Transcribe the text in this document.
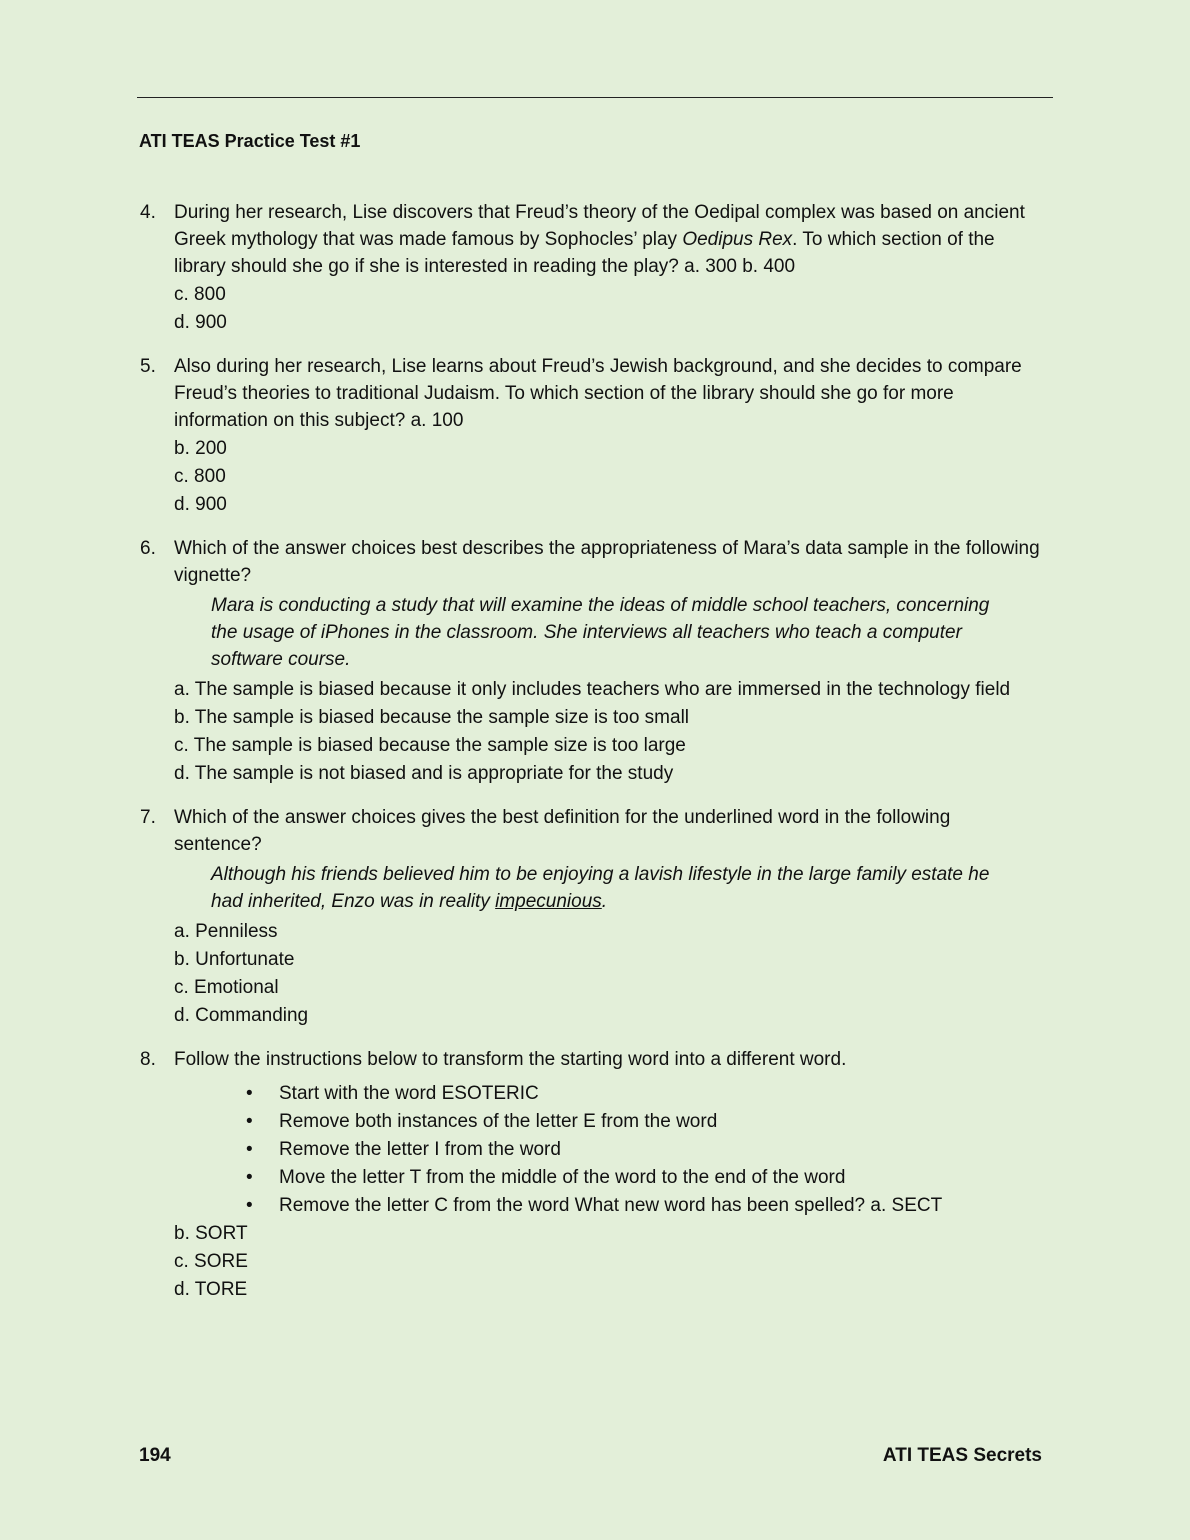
ATI TEAS Practice Test #1
4. During her research, Lise discovers that Freud’s theory of the Oedipal complex was based on ancient Greek mythology that was made famous by Sophocles’ play Oedipus Rex. To which section of the library should she go if she is interested in reading the play? a. 300 b. 400
c. 800
d. 900
5. Also during her research, Lise learns about Freud’s Jewish background, and she decides to compare Freud’s theories to traditional Judaism. To which section of the library should she go for more information on this subject? a. 100
b. 200
c. 800
d. 900
6. Which of the answer choices best describes the appropriateness of Mara’s data sample in the following vignette?
Mara is conducting a study that will examine the ideas of middle school teachers, concerning the usage of iPhones in the classroom. She interviews all teachers who teach a computer software course.
a. The sample is biased because it only includes teachers who are immersed in the technology field
b. The sample is biased because the sample size is too small
c. The sample is biased because the sample size is too large
d. The sample is not biased and is appropriate for the study
7. Which of the answer choices gives the best definition for the underlined word in the following sentence?
Although his friends believed him to be enjoying a lavish lifestyle in the large family estate he had inherited, Enzo was in reality impecunious.
a. Penniless
b. Unfortunate
c. Emotional
d. Commanding
8. Follow the instructions below to transform the starting word into a different word.
• Start with the word ESOTERIC
• Remove both instances of the letter E from the word
• Remove the letter I from the word
• Move the letter T from the middle of the word to the end of the word
• Remove the letter C from the word What new word has been spelled? a. SECT
b. SORT
c. SORE
d. TORE
194	ATI TEAS Secrets
